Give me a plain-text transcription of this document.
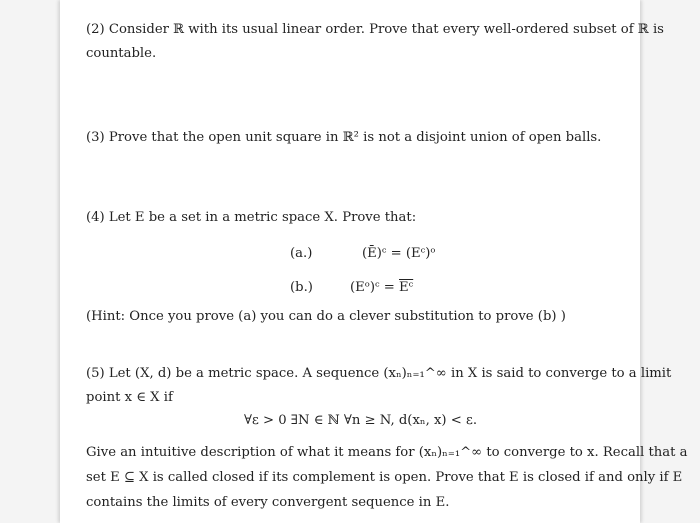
(2) Consider ℝ with its usual linear order. Prove that every well-ordered subset of ℝ is
countable.
(3) Prove that the open unit square in ℝ² is not a disjoint union of open balls.
(4) Let E be a set in a metric space X. Prove that:
(a.)	(Ē)ᶜ = (Eᶜ)ᵒ
(b.)	(Eᵒ)ᶜ = $\overline{Eᶜ}$
(Hint: Once you prove (a) you can do a clever substitution to prove (b) )
(5) Let (X, d) be a metric space. A sequence (xₙ)ₙ₌₁^∞ in X is said to converge to a limit
point x ∈ X if
∀ε > 0 ∃N ∈ ℕ ∀n ≥ N, d(xₙ, x) < ε.
Give an intuitive description of what it means for (xₙ)ₙ₌₁^∞ to converge to x. Recall that a
set E ⊆ X is called closed if its complement is open. Prove that E is closed if and only if E
contains the limits of every convergent sequence in E.
